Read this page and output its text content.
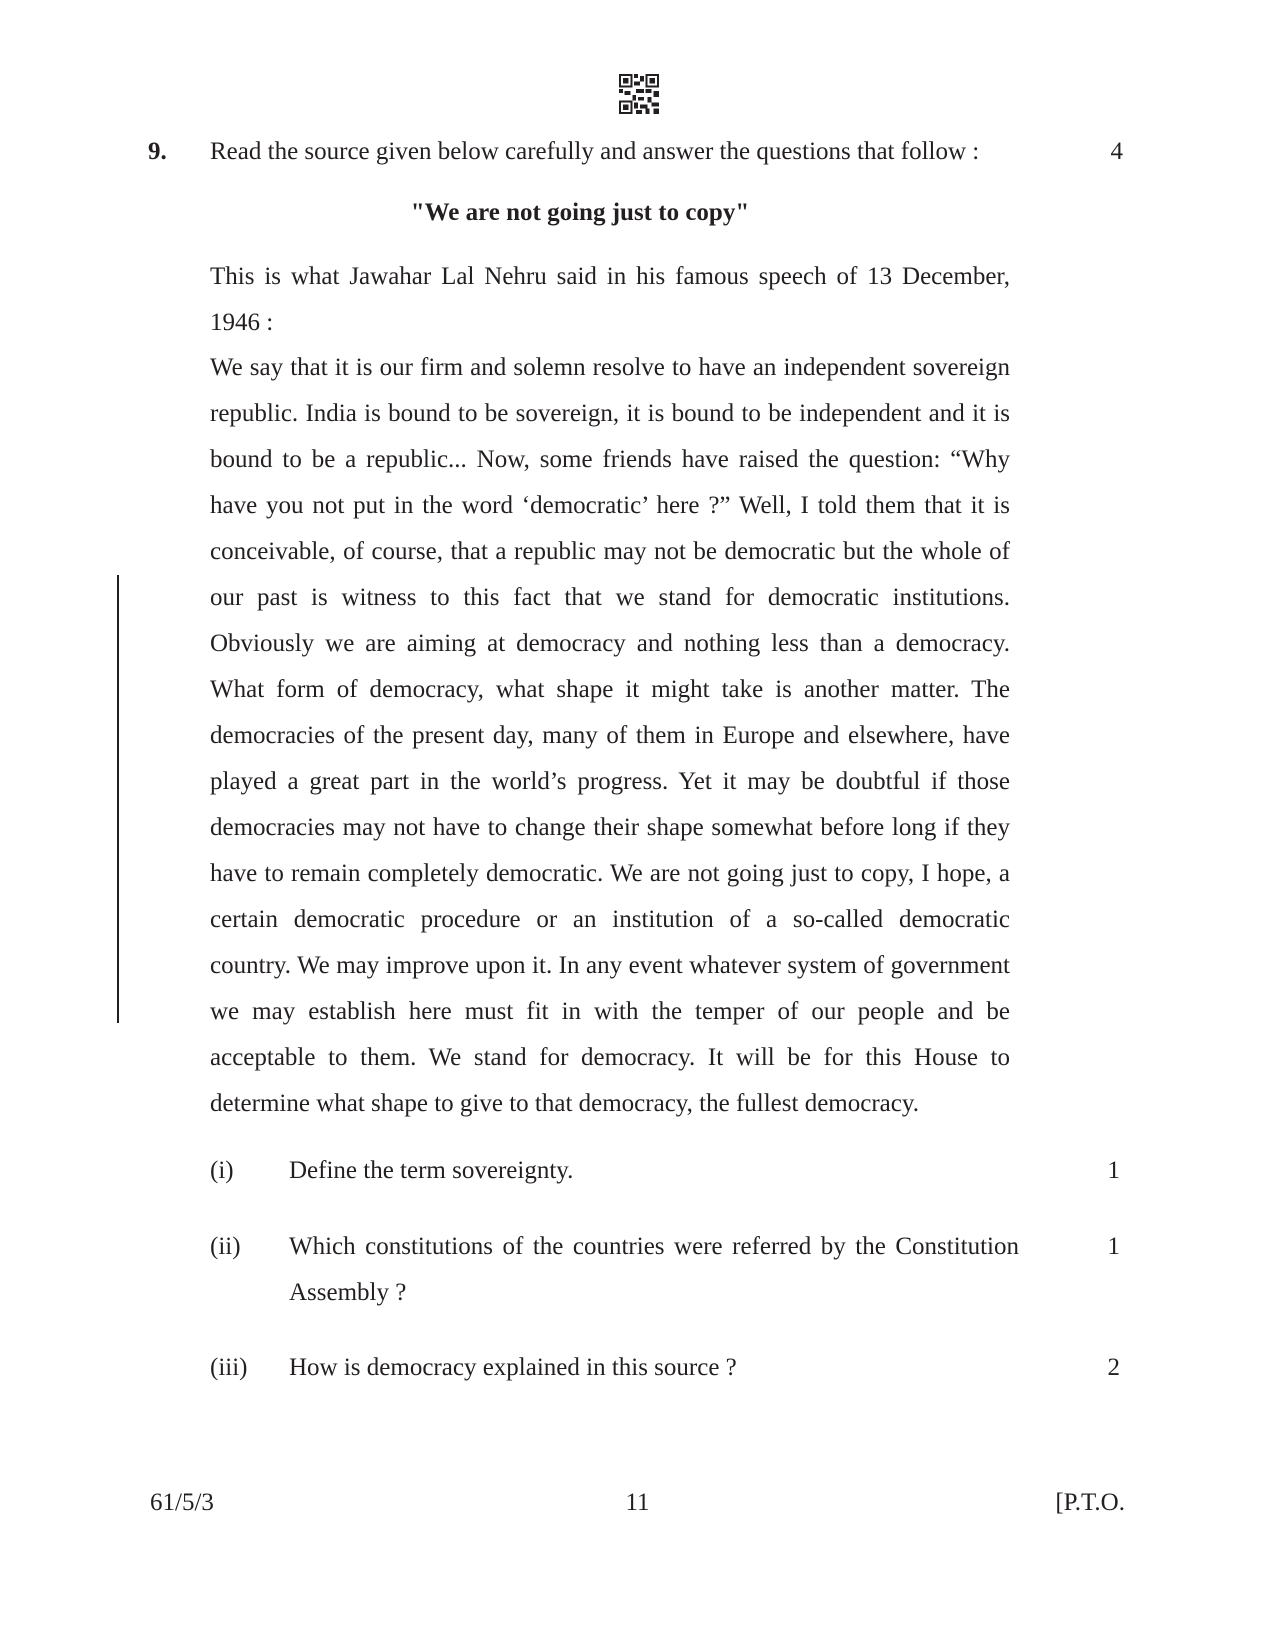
9. Read the source given below carefully and answer the questions that follow :	4
"We are not going just to copy"

This is what Jawahar Lal Nehru said in his famous speech of 13 December, 1946 :

We say that it is our firm and solemn resolve to have an independent sovereign republic. India is bound to be sovereign, it is bound to be independent and it is bound to be a republic... Now, some friends have raised the question: “Why have you not put in the word ‘democratic’ here ?” Well, I told them that it is conceivable, of course, that a republic may not be democratic but the whole of our past is witness to this fact that we stand for democratic institutions. Obviously we are aiming at democracy and nothing less than a democracy. What form of democracy, what shape it might take is another matter. The democracies of the present day, many of them in Europe and elsewhere, have played a great part in the world’s progress. Yet it may be doubtful if those democracies may not have to change their shape somewhat before long if they have to remain completely democratic. We are not going just to copy, I hope, a certain democratic procedure or an institution of a so-called democratic country. We may improve upon it. In any event whatever system of government we may establish here must fit in with the temper of our people and be acceptable to them. We stand for democracy. It will be for this House to determine what shape to give to that democracy, the fullest democracy.

(i) Define the term sovereignty.	1
(ii) Which constitutions of the countries were referred by the Constitution Assembly ?
1
(iii) How is democracy explained in this source ?	2
61/5/3	11	[P.T.O.
